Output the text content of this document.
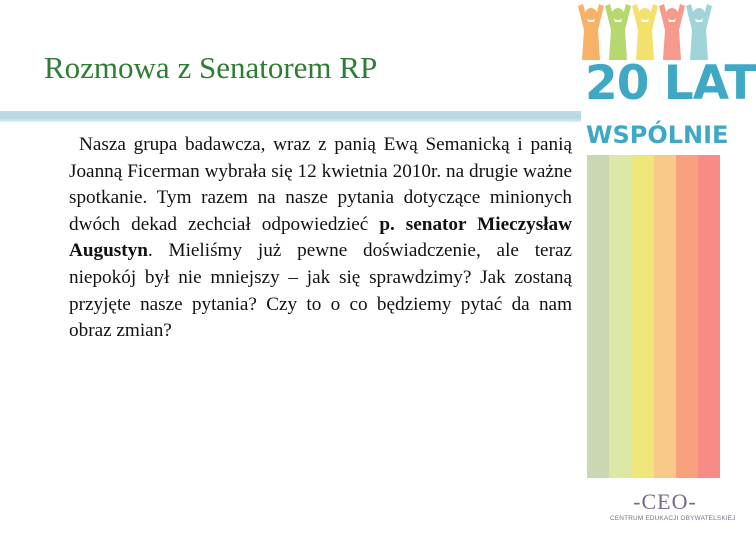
Rozmowa z Senatorem RP
Nasza grupa badawcza, wraz z panią Ewą Semanicką i panią Joanną Ficerman wybrała się 12 kwietnia 2010r. na drugie ważne spotkanie. Tym razem na nasze pytania dotyczące minionych dwóch dekad zechciał odpowiedzieć p. senator Mieczysław Augustyn. Mieliśmy już pewne doświadczenie, ale teraz niepokój był nie mniejszy – jak się sprawdzimy? Jak zostaną przyjęte nasze pytania? Czy to o co będziemy pytać da nam obraz zmian?
20 LAT
WSPÓLNIE
-CEO-
CENTRUM EDUKACJI OBYWATELSKIEJ
